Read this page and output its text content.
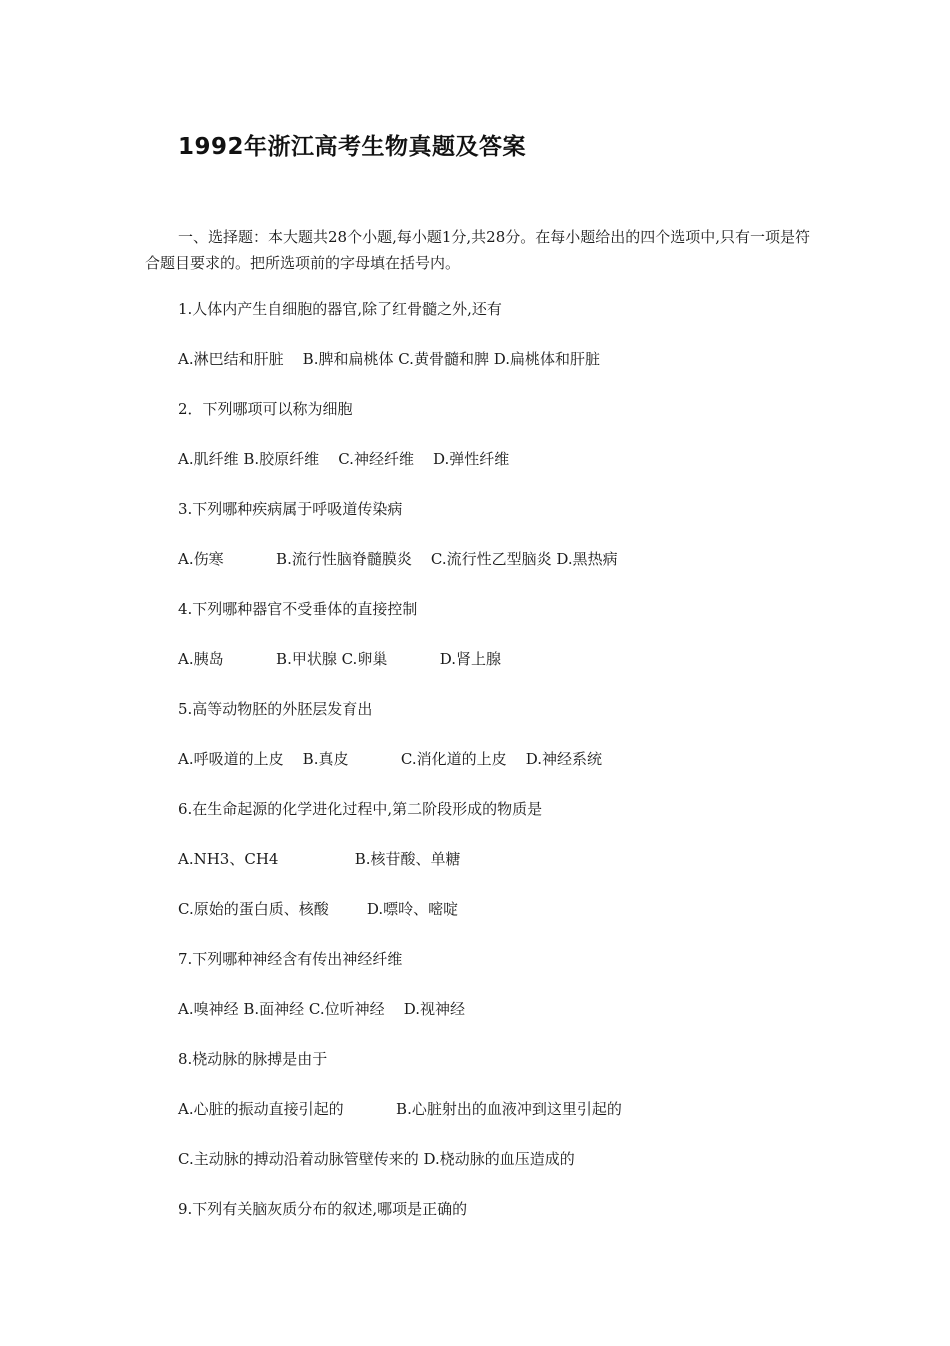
1992年浙江高考生物真题及答案
一、选择题：本大题共28个小题,每小题1分,共28分。在每小题给出的四个选项中,只有一项是符合题目要求的。把所选项前的字母填在括号内。
1.人体内产生自细胞的器官,除了红骨髓之外,还有
A.淋巴结和肝脏    B.脾和扁桃体 C.黄骨髓和脾 D.扁桃体和肝脏
2．下列哪项可以称为细胞
A.肌纤维 B.胶原纤维    C.神经纤维    D.弹性纤维
3.下列哪种疾病属于呼吸道传染病
A.伤寒           B.流行性脑脊髓膜炎    C.流行性乙型脑炎 D.黑热病
4.下列哪种器官不受垂体的直接控制
A.胰岛           B.甲状腺 C.卵巢           D.肾上腺
5.高等动物胚的外胚层发育出
A.呼吸道的上皮    B.真皮           C.消化道的上皮    D.神经系统
6.在生命起源的化学进化过程中,第二阶段形成的物质是
A.NH3、CH4                B.核苷酸、单糖
C.原始的蛋白质、核酸        D.嘌呤、嘧啶
7.下列哪种神经含有传出神经纤维
A.嗅神经 B.面神经 C.位听神经    D.视神经
8.桡动脉的脉搏是由于
A.心脏的振动直接引起的           B.心脏射出的血液冲到这里引起的
C.主动脉的搏动沿着动脉管壁传来的 D.桡动脉的血压造成的
9.下列有关脑灰质分布的叙述,哪项是正确的
